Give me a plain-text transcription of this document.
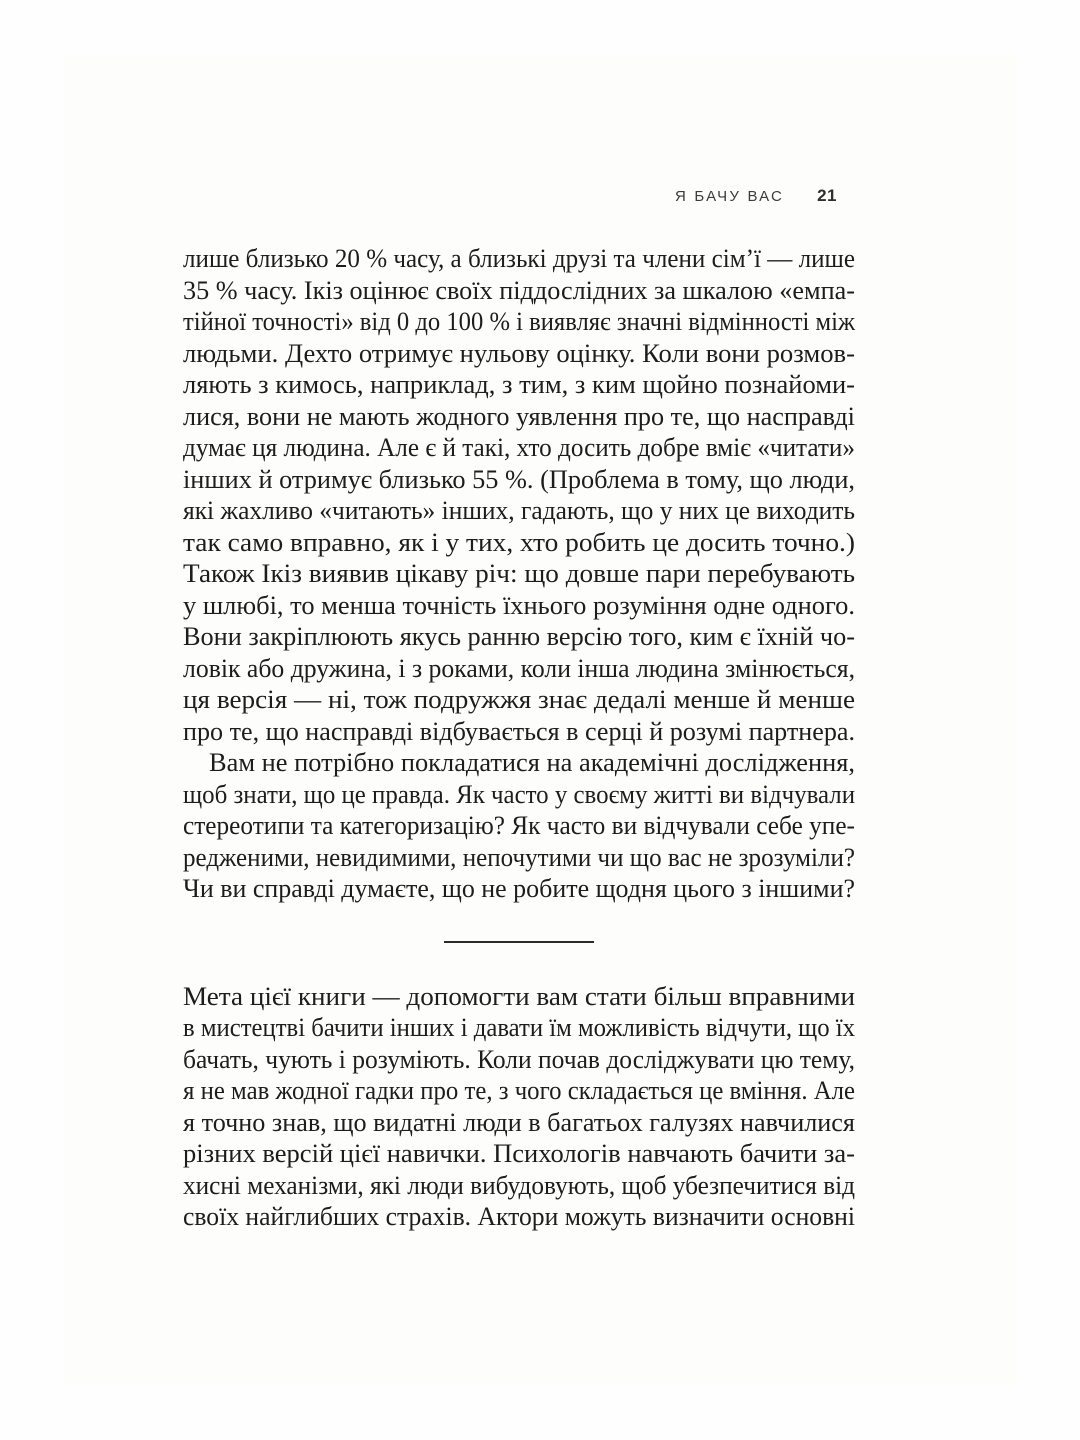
Я БАЧУ ВАС 21
лише близько 20 % часу, а близькі друзі та члени сім’ї — лише
35 % часу. Ікіз оцінює своїх піддослідних за шкалою «емпа-
тійної точності» від 0 до 100 % і виявляє значні відмінності між
людьми. Дехто отримує нульову оцінку. Коли вони розмов-
ляють з кимось, наприклад, з тим, з ким щойно познайоми-
лися, вони не мають жодного уявлення про те, що насправді
думає ця людина. Але є й такі, хто досить добре вміє «читати»
інших й отримує близько 55 %. (Проблема в тому, що люди,
які жахливо «читають» інших, гадають, що у них це виходить
так само вправно, як і у тих, хто робить це досить точно.)
Також Ікіз виявив цікаву річ: що довше пари перебувають
у шлюбі, то менша точність їхнього розуміння одне одного.
Вони закріплюють якусь ранню версію того, ким є їхній чо-
ловік або дружина, і з роками, коли інша людина змінюється,
ця версія — ні, тож подружжя знає дедалі менше й менше
про те, що насправді відбувається в серці й розумі партнера.
Вам не потрібно покладатися на академічні дослідження,
щоб знати, що це правда. Як часто у своєму житті ви відчували
стереотипи та категоризацію? Як часто ви відчували себе упе-
редженими, невидимими, непочутими чи що вас не зрозуміли?
Чи ви справді думаєте, що не робите щодня цього з іншими?
Мета цієї книги — допомогти вам стати більш вправними
в мистецтві бачити інших і давати їм можливість відчути, що їх
бачать, чують і розуміють. Коли почав досліджувати цю тему,
я не мав жодної гадки про те, з чого складається це вміння. Але
я точно знав, що видатні люди в багатьох галузях навчилися
різних версій цієї навички. Психологів навчають бачити за-
хисні механізми, які люди вибудовують, щоб убезпечитися від
своїх найглибших страхів. Актори можуть визначити основні
